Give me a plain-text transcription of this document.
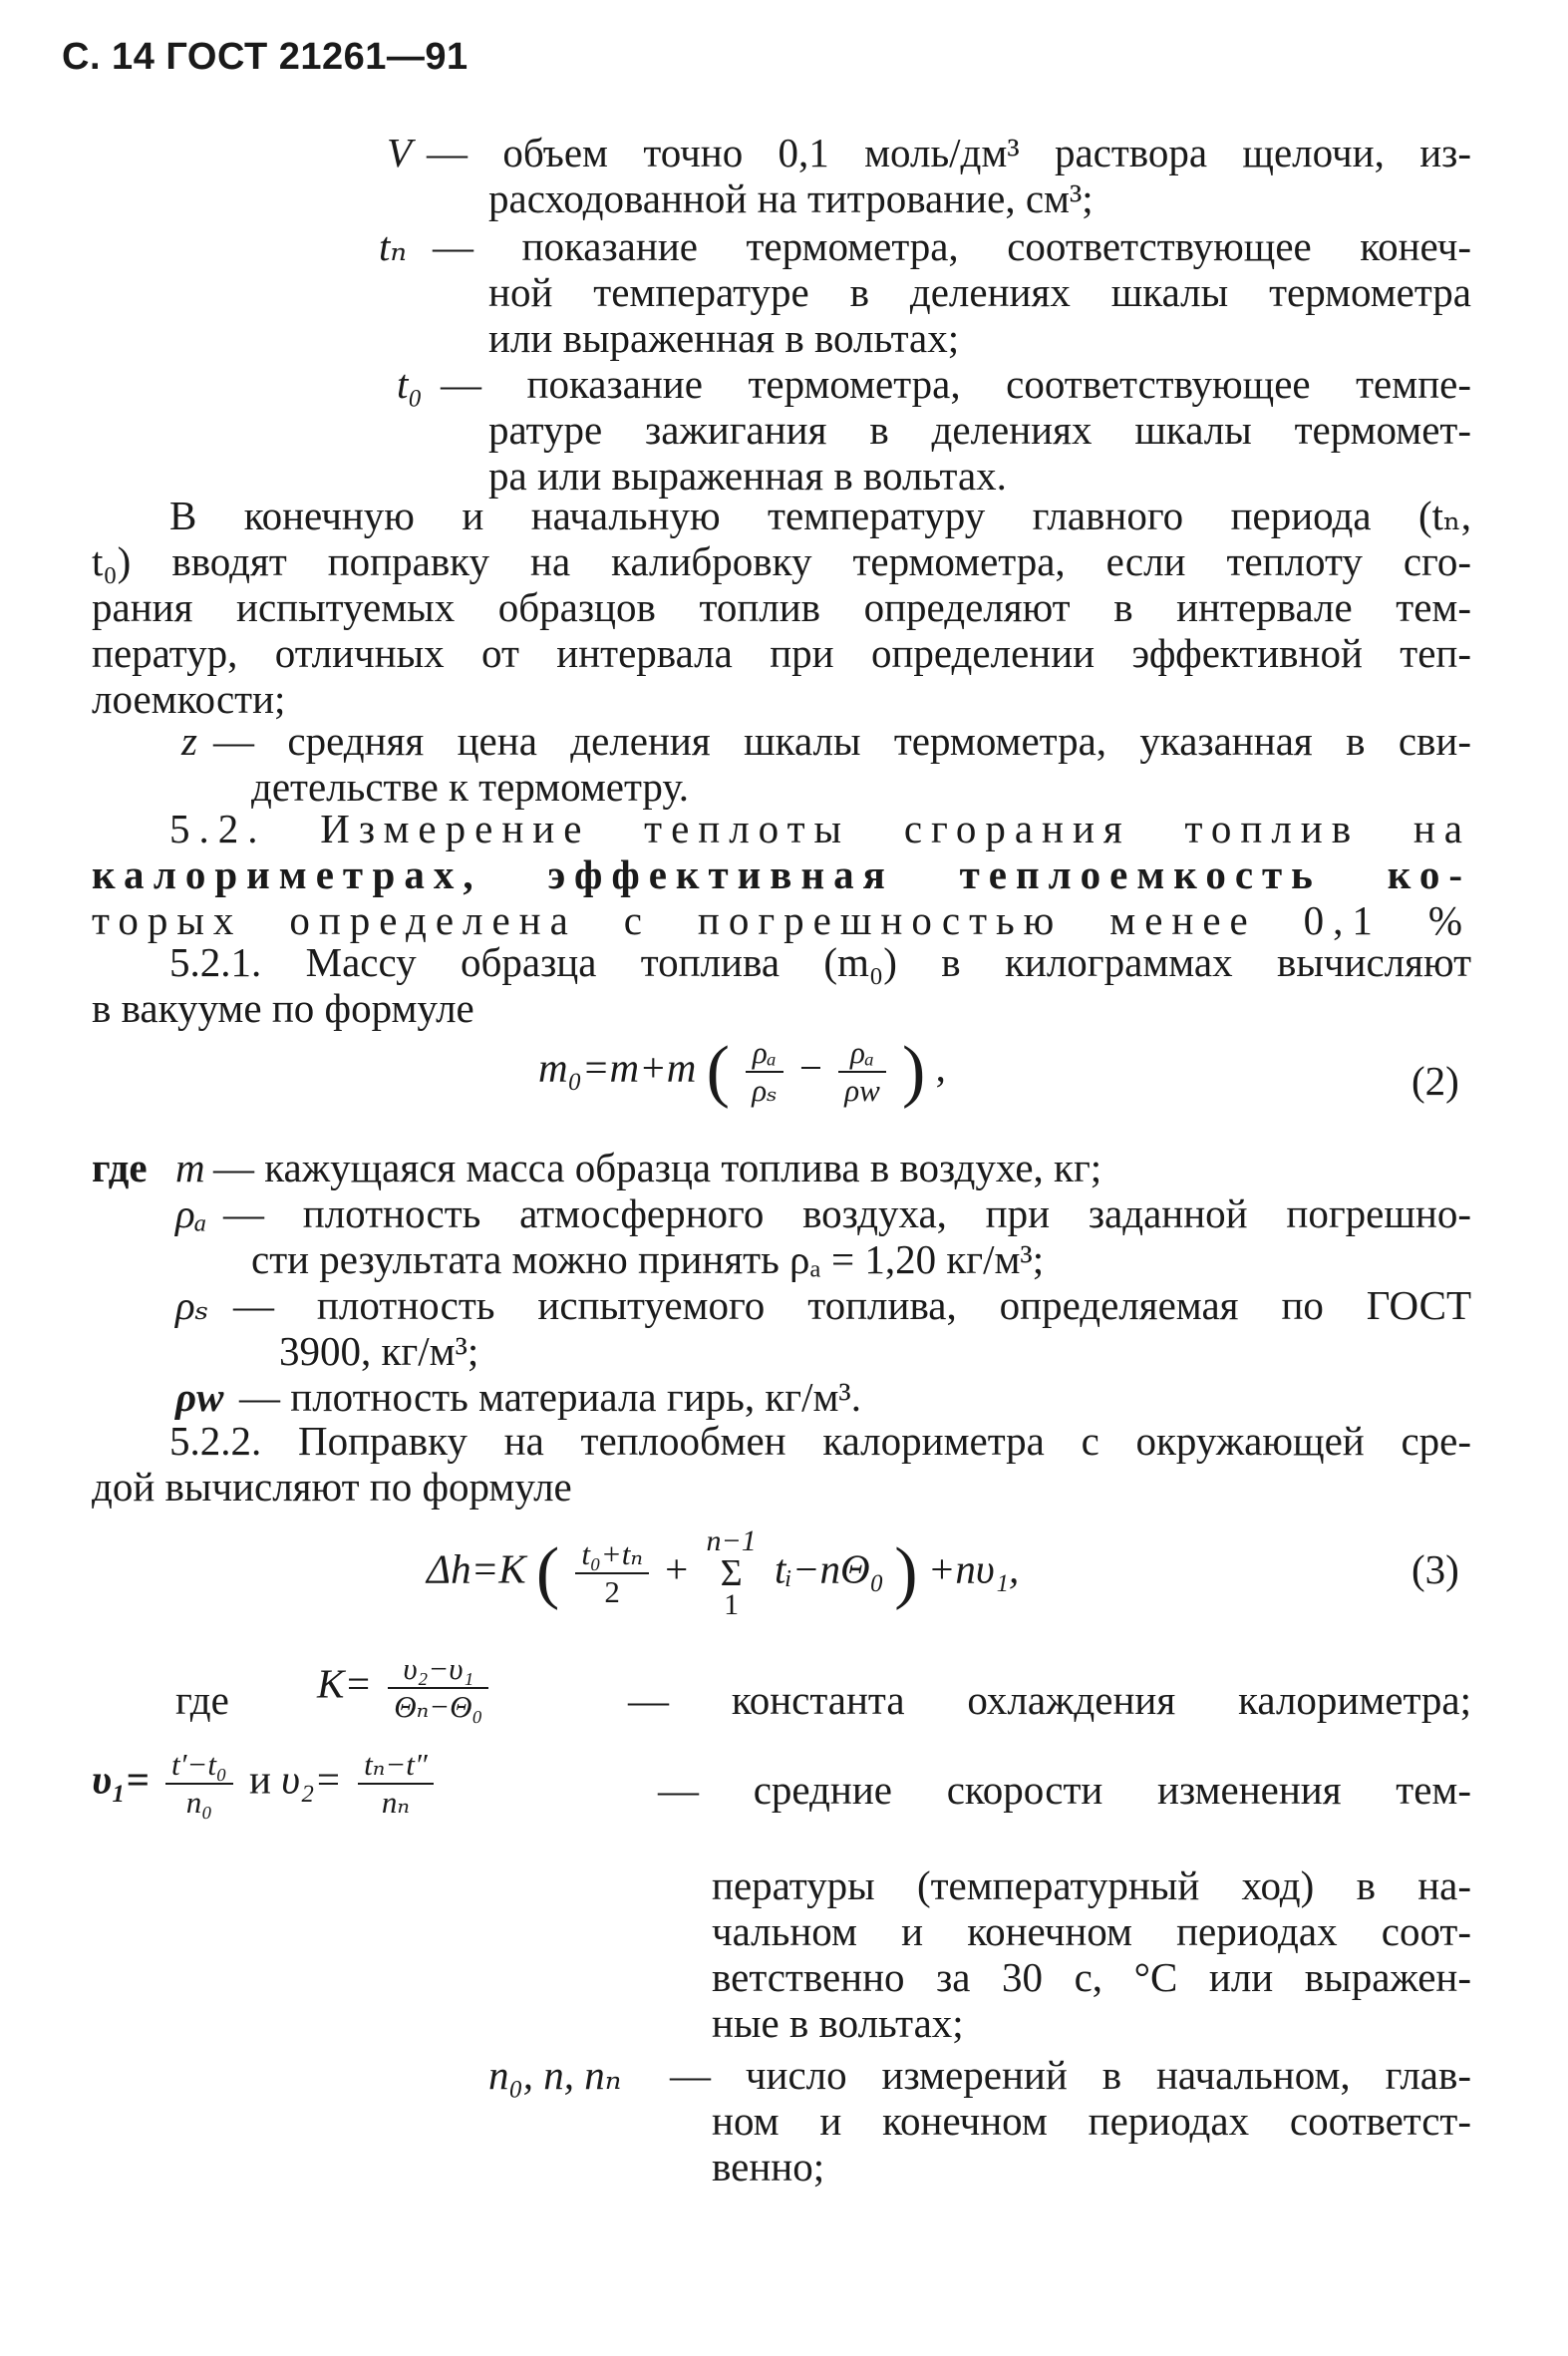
С. 14 ГОСТ 21261—91
V — объем точно 0,1 моль/дм³ раствора щелочи, из-
расходованной на титрование, см³;
tₙ — показание термометра, соответствующее конеч-
ной температуре в делениях шкалы термометра
или выраженная в вольтах;
t₀ — показание термометра, соответствующее темпе-
ратуре зажигания в делениях шкалы термомет-
ра или выраженная в вольтах.
В конечную и начальную температуру главного периода (tₙ,
t₀) вводят поправку на калибровку термометра, если теплоту сго-
рания испытуемых образцов топлив определяют в интервале тем-
ператур, отличных от интервала при определении эффективной теп-
лоемкости;
z — средняя цена деления шкалы термометра, указанная в сви-
детельстве к термометру.
5.2. Измерение теплоты сгорания топлив на
калориметрах, эффективная теплоемкость ко-
торых определена с погрешностью менее 0,1 %
5.2.1. Массу образца топлива (m₀) в килограммах вычисляют
в вакууме по формуле
m₀=m+m ( $\frac{\text{ρₐ}}{\text{ρₛ}} - \frac{\text{ρₐ}}{\rho w}$ ) ,	(2)
где m — кажущаяся масса образца топлива в воздухе, кг;
ρₐ — плотность атмосферного воздуха, при заданной погрешно-
сти результата можно принять ρₐ = 1,20 кг/м³;
ρₛ — плотность испытуемого топлива, определяемая по ГОСТ
3900, кг/м³;
ρw — плотность материала гирь, кг/м³.
5.2.2. Поправку на теплообмен калориметра с окружающей сре-
дой вычисляют по формуле
Δh=K ( $\frac{\text{t₀+tₙ}}{2}$ +
n−1
Σ
1
tᵢ−nΘ₀ ) +nυ₁,	(3)
где $K= \frac{\text{υ₂−υ₁}}{\text{Θₙ−Θ₀}}$	— константа охлаждения калориметра;
$\upsilon_1= \frac{\text{t′−t₀}}{\text{n₀}}$ и $\upsilon_2= \frac{\text{tₙ−t″}}{\text{nₙ}}$	— средние скорости изменения тем-
пературы (температурный ход) в на-
чальном и конечном периодах соот-
ветственно за 30 с, °С или выражен-
ные в вольтах;
n₀, n, nₙ — число измерений в начальном, глав-
ном и конечном периодах соответст-
венно;
